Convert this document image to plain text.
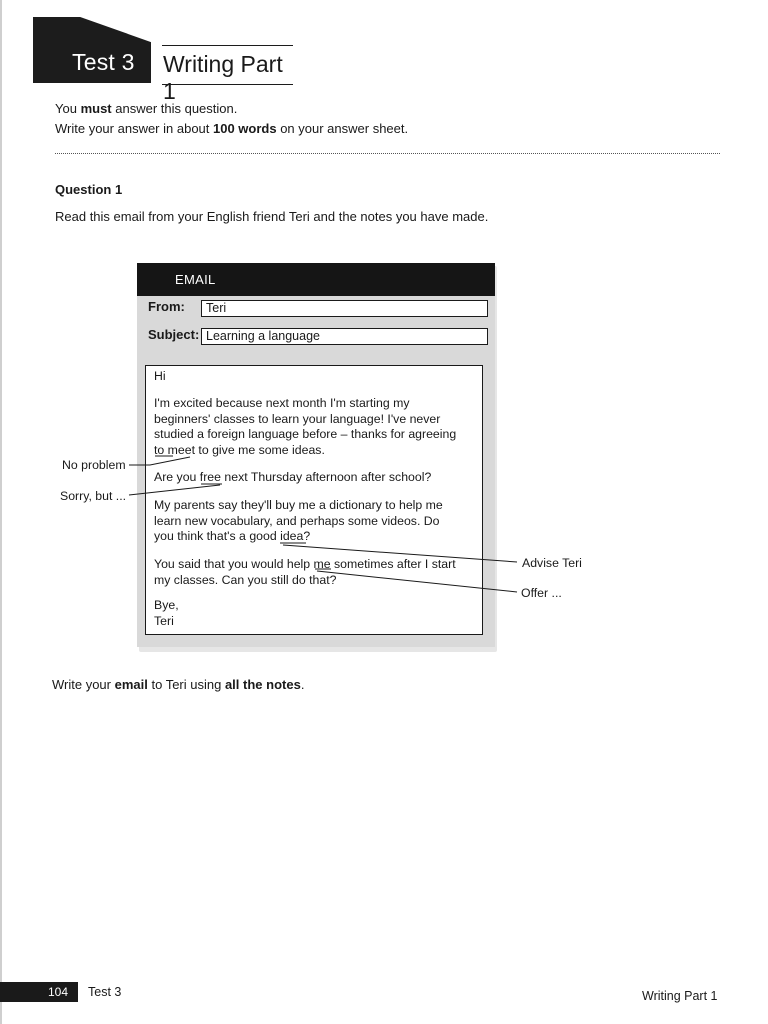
Test 3 Writing Part 1
You must answer this question.
Write your answer in about 100 words on your answer sheet.
Question 1
Read this email from your English friend Teri and the notes you have made.
EMAIL
From:	Teri
Subject: Learning a language
Hi
I'm excited because next month I'm starting my
beginners' classes to learn your language! I've never
studied a foreign language before – thanks for agreeing
to meet to give me some ideas.
Are you free next Thursday afternoon after school?
My parents say they'll buy me a dictionary to help me
learn new vocabulary, and perhaps some videos. Do
you think that's a good idea?
You said that you would help me sometimes after I start
my classes. Can you still do that?
Bye,
Teri
No problem
Sorry, but ...
Advise Teri
Offer ...
Write your email to Teri using all the notes.
104 Test 3	Writing Part 1
